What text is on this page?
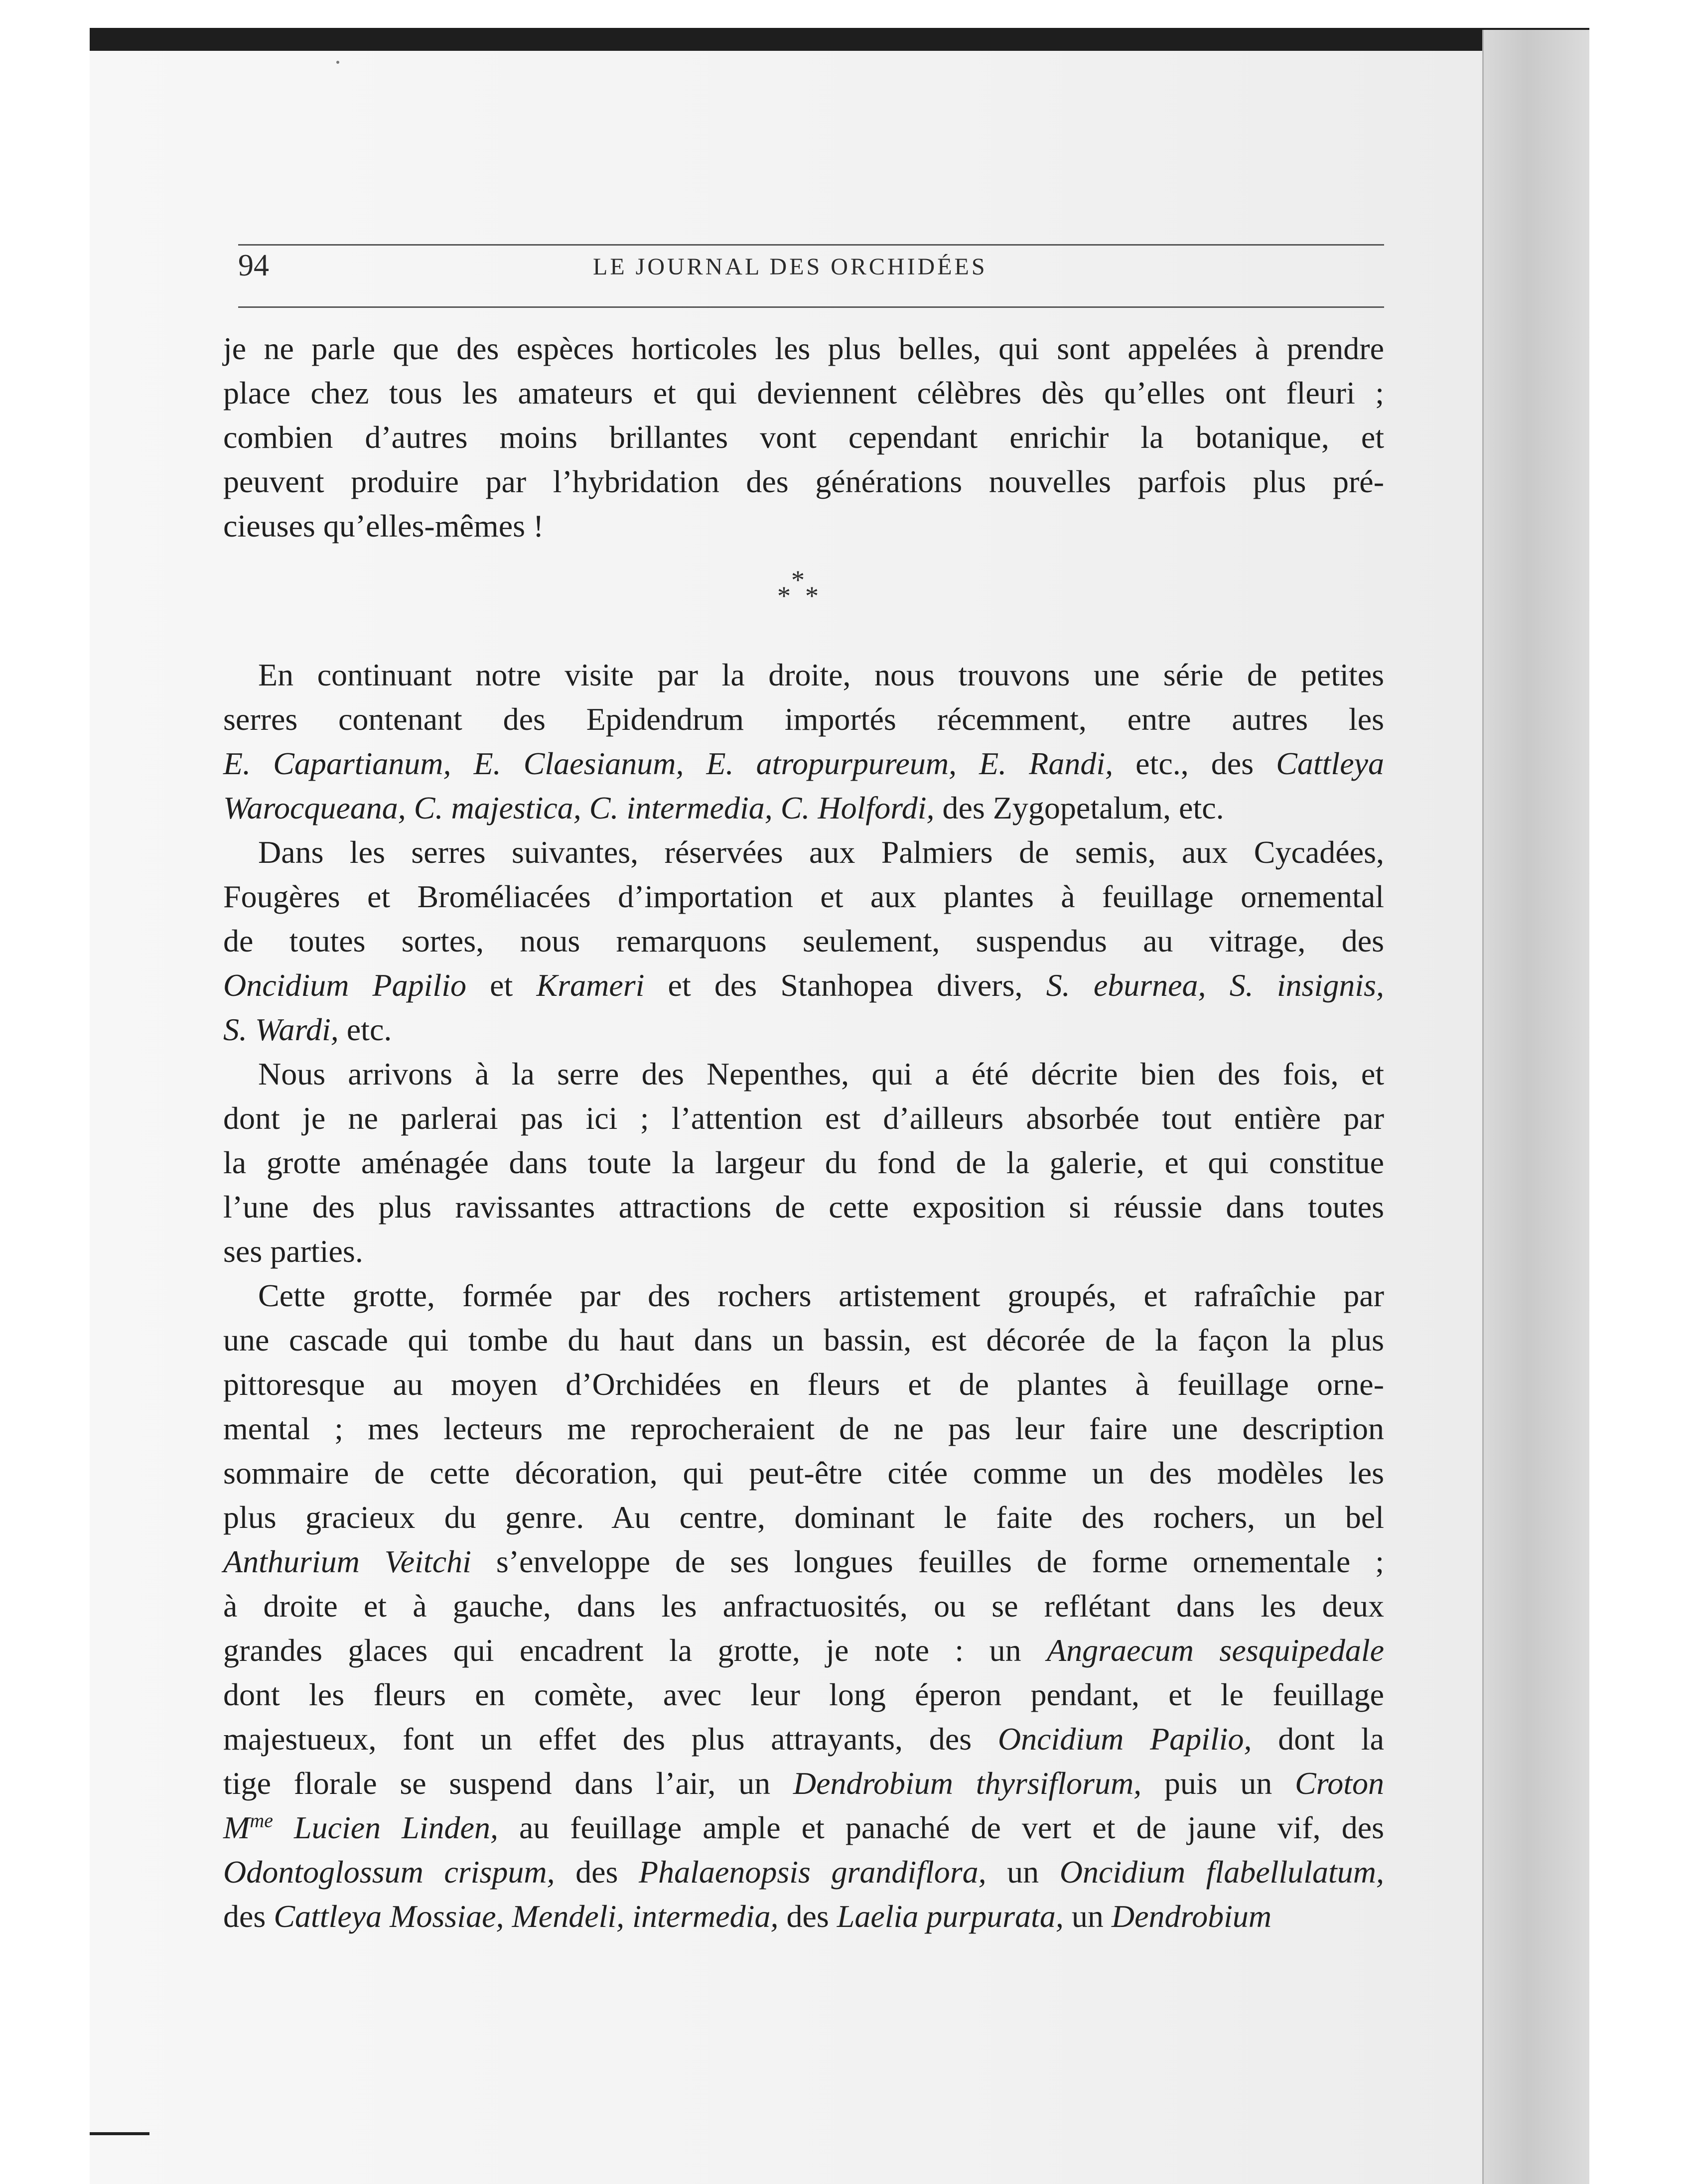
94	LE JOURNAL DES ORCHIDÉES
je ne parle que des espèces horticoles les plus belles, qui sont appelées à prendre
place chez tous les amateurs et qui deviennent célèbres dès qu’elles ont fleuri ;
combien d’autres moins brillantes vont cependant enrichir la botanique, et
peuvent produire par l’hybridation des générations nouvelles parfois plus pré-
cieuses qu’elles-mêmes !
*
* *
En continuant notre visite par la droite, nous trouvons une série de petites
serres contenant des Epidendrum importés récemment, entre autres les
E. Capartianum, E. Claesianum, E. atropurpureum, E. Randi, etc., des Cattleya
Warocqueana, C. majestica, C. intermedia, C. Holfordi, des Zygopetalum, etc.
Dans les serres suivantes, réservées aux Palmiers de semis, aux Cycadées,
Fougères et Broméliacées d’importation et aux plantes à feuillage ornemental
de toutes sortes, nous remarquons seulement, suspendus au vitrage, des
Oncidium Papilio et Krameri et des Stanhopea divers, S. eburnea, S. insignis,
S. Wardi, etc.
Nous arrivons à la serre des Nepenthes, qui a été décrite bien des fois, et
dont je ne parlerai pas ici ; l’attention est d’ailleurs absorbée tout entière par
la grotte aménagée dans toute la largeur du fond de la galerie, et qui constitue
l’une des plus ravissantes attractions de cette exposition si réussie dans toutes
ses parties.
Cette grotte, formée par des rochers artistement groupés, et rafraîchie par
une cascade qui tombe du haut dans un bassin, est décorée de la façon la plus
pittoresque au moyen d’Orchidées en fleurs et de plantes à feuillage orne-
mental ; mes lecteurs me reprocheraient de ne pas leur faire une description
sommaire de cette décoration, qui peut-être citée comme un des modèles les
plus gracieux du genre. Au centre, dominant le faite des rochers, un bel
Anthurium Veitchi s’enveloppe de ses longues feuilles de forme ornementale ;
à droite et à gauche, dans les anfractuosités, ou se reflétant dans les deux
grandes glaces qui encadrent la grotte, je note : un Angraecum sesquipedale
dont les fleurs en comète, avec leur long éperon pendant, et le feuillage
majestueux, font un effet des plus attrayants, des Oncidium Papilio, dont la
tige florale se suspend dans l’air, un Dendrobium thyrsiflorum, puis un Croton
$M^{me}$ Lucien Linden, au feuillage ample et panaché de vert et de jaune vif, des
Odontoglossum crispum, des Phalaenopsis grandiflora, un Oncidium flabellulatum,
des Cattleya Mossiae, Mendeli, intermedia, des Laelia purpurata, un Dendrobium
